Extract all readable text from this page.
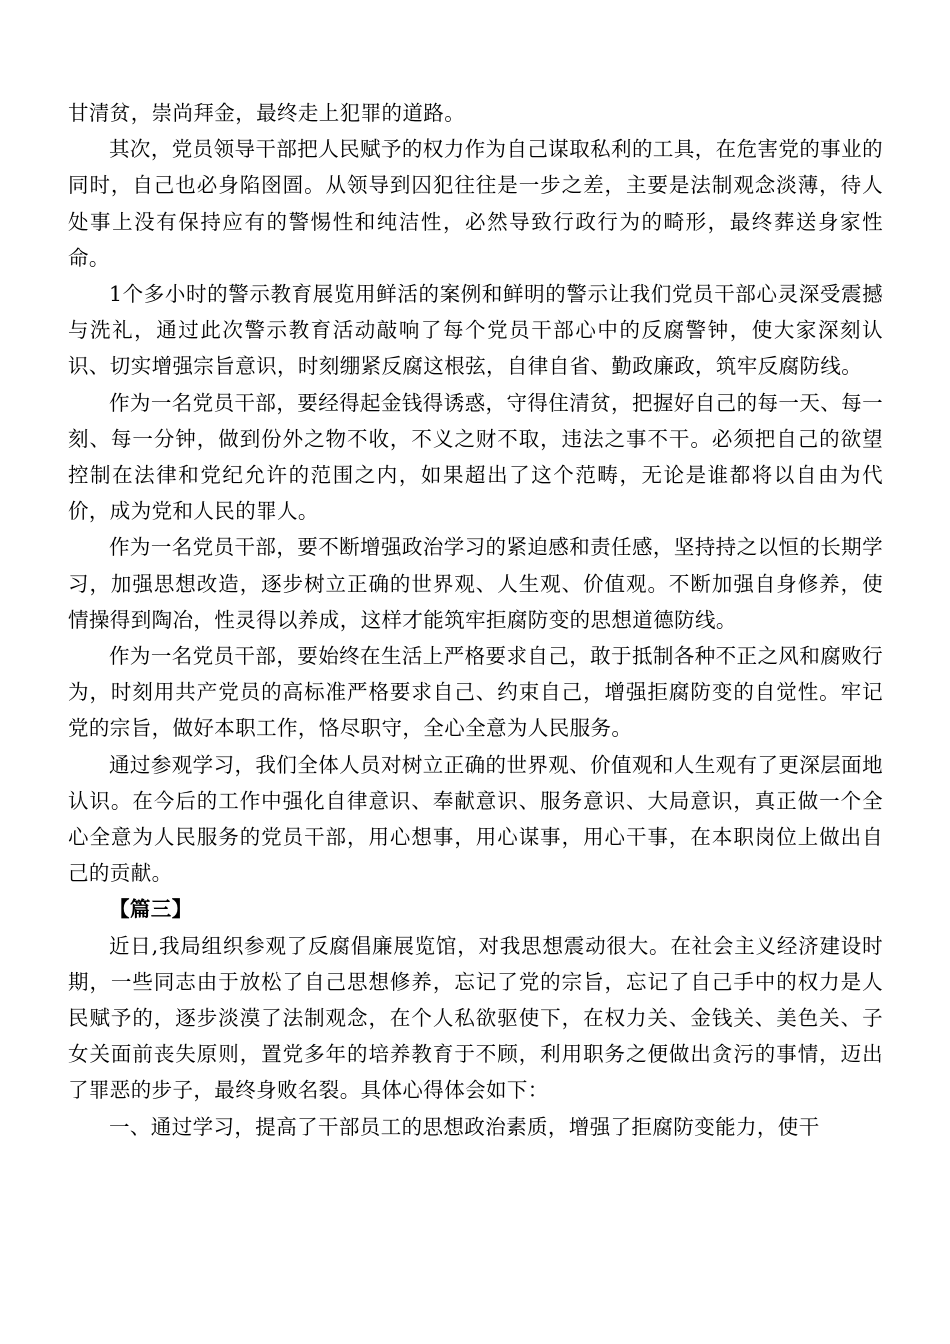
甘清贫，崇尚拜金，最终走上犯罪的道路。

其次，党员领导干部把人民赋予的权力作为自己谋取私利的工具，在危害党的事业的同时，自己也必身陷囹圄。从领导到囚犯往往是一步之差，主要是法制观念淡薄，待人处事上没有保持应有的警惕性和纯洁性，必然导致行政行为的畸形，最终葬送身家性命。

1个多小时的警示教育展览用鲜活的案例和鲜明的警示让我们党员干部心灵深受震撼与洗礼，通过此次警示教育活动敲响了每个党员干部心中的反腐警钟，使大家深刻认识、切实增强宗旨意识，时刻绷紧反腐这根弦，自律自省、勤政廉政，筑牢反腐防线。

作为一名党员干部，要经得起金钱得诱惑，守得住清贫，把握好自己的每一天、每一刻、每一分钟，做到份外之物不收，不义之财不取，违法之事不干。必须把自己的欲望控制在法律和党纪允许的范围之内，如果超出了这个范畴，无论是谁都将以自由为代价，成为党和人民的罪人。

作为一名党员干部，要不断增强政治学习的紧迫感和责任感，坚持持之以恒的长期学习，加强思想改造，逐步树立正确的世界观、人生观、价值观。不断加强自身修养，使情操得到陶冶，性灵得以养成，这样才能筑牢拒腐防变的思想道德防线。

作为一名党员干部，要始终在生活上严格要求自己，敢于抵制各种不正之风和腐败行为，时刻用共产党员的高标准严格要求自己、约束自己，增强拒腐防变的自觉性。牢记党的宗旨，做好本职工作，恪尽职守，全心全意为人民服务。

通过参观学习，我们全体人员对树立正确的世界观、价值观和人生观有了更深层面地认识。在今后的工作中强化自律意识、奉献意识、服务意识、大局意识，真正做一个全心全意为人民服务的党员干部，用心想事，用心谋事，用心干事，在本职岗位上做出自己的贡献。

【篇三】

近日,我局组织参观了反腐倡廉展览馆，对我思想震动很大。在社会主义经济建设时期，一些同志由于放松了自己思想修养，忘记了党的宗旨，忘记了自己手中的权力是人民赋予的，逐步淡漠了法制观念，在个人私欲驱使下，在权力关、金钱关、美色关、子女关面前丧失原则，置党多年的培养教育于不顾，利用职务之便做出贪污的事情，迈出了罪恶的步子，最终身败名裂。具体心得体会如下：

一、通过学习，提高了干部员工的思想政治素质，增强了拒腐防变能力，使干
